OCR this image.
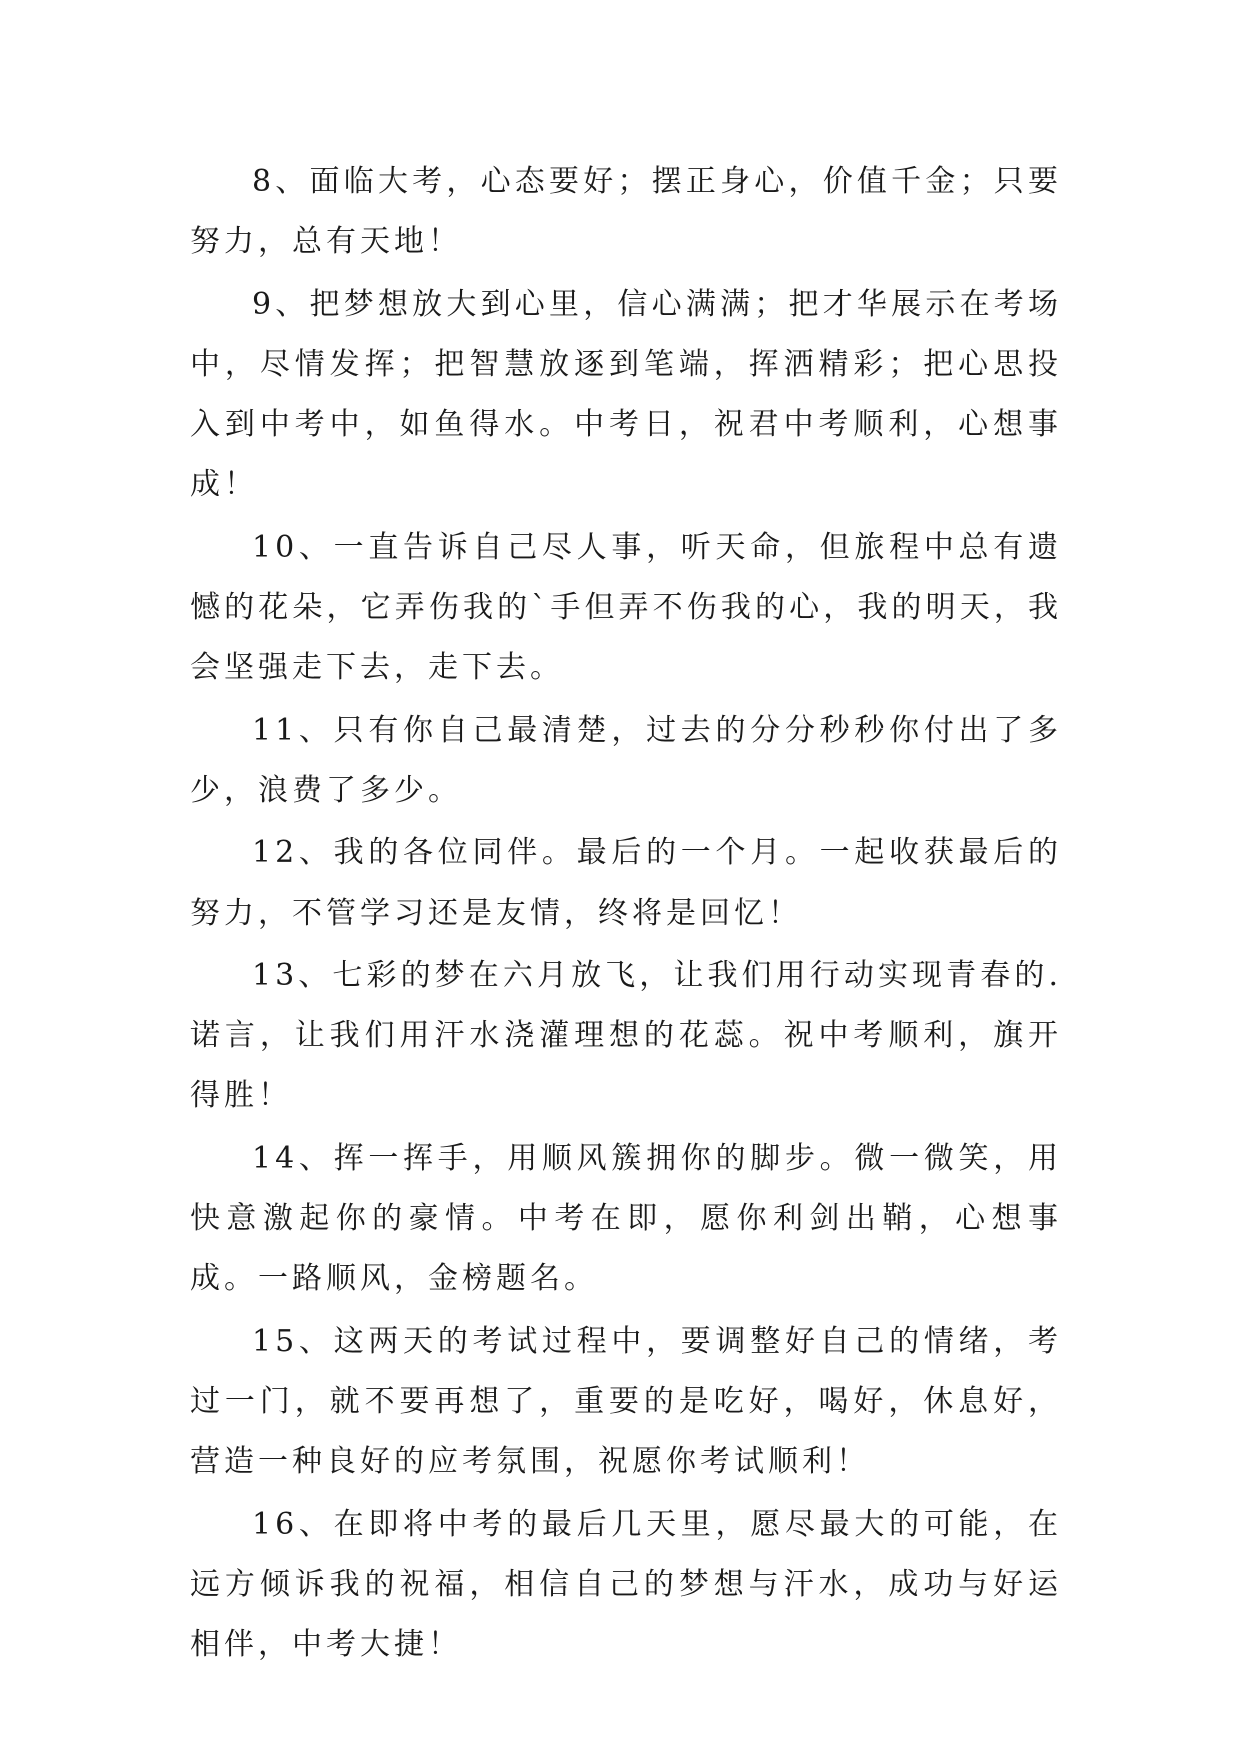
8、面临大考，心态要好；摆正身心，价值千金；只要努力，总有天地！

9、把梦想放大到心里，信心满满；把才华展示在考场中，尽情发挥；把智慧放逐到笔端，挥洒精彩；把心思投入到中考中，如鱼得水。中考日，祝君中考顺利，心想事成！

10、一直告诉自己尽人事，听天命，但旅程中总有遗憾的花朵，它弄伤我的`手但弄不伤我的心，我的明天，我会坚强走下去，走下去。

11、只有你自己最清楚，过去的分分秒秒你付出了多少，浪费了多少。

12、我的各位同伴。最后的一个月。一起收获最后的努力，不管学习还是友情，终将是回忆！

13、七彩的梦在六月放飞，让我们用行动实现青春的.诺言，让我们用汗水浇灌理想的花蕊。祝中考顺利，旗开得胜！

14、挥一挥手，用顺风簇拥你的脚步。微一微笑，用快意激起你的豪情。中考在即，愿你利剑出鞘，心想事成。一路顺风，金榜题名。

15、这两天的考试过程中，要调整好自己的情绪，考过一门，就不要再想了，重要的是吃好，喝好，休息好，营造一种良好的应考氛围，祝愿你考试顺利！

16、在即将中考的最后几天里，愿尽最大的可能，在远方倾诉我的祝福，相信自己的梦想与汗水，成功与好运相伴，中考大捷！
